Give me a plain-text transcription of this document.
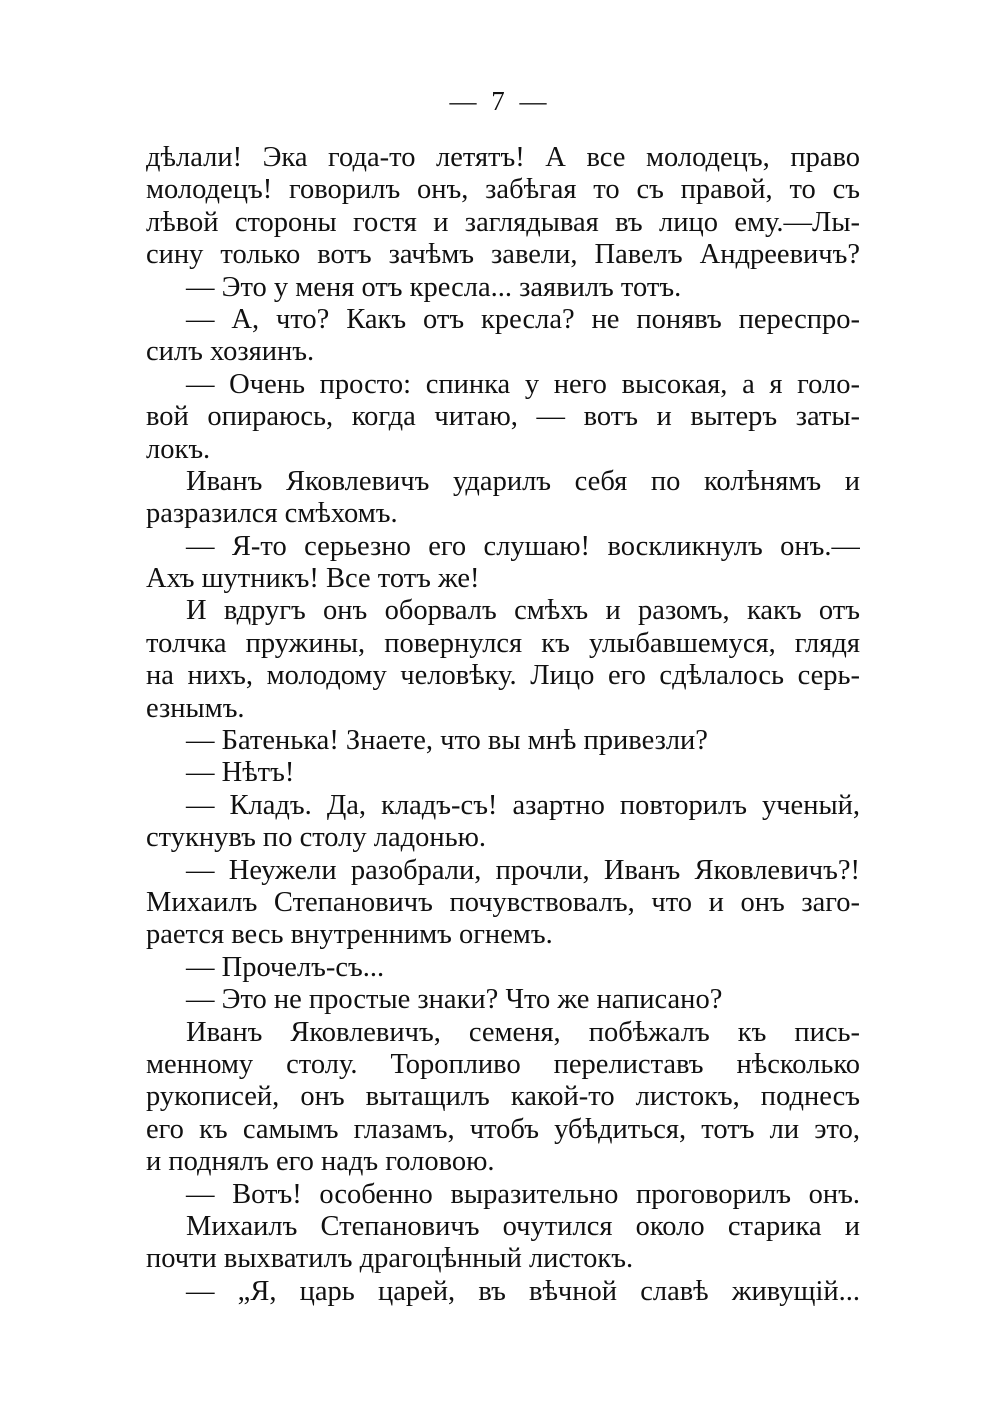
— 7 —
дѣлали! Эка года-то летятъ! А все молодецъ, право
молодецъ! говорилъ онъ, забѣгая то съ правой, то съ
лѣвой стороны гостя и заглядывая въ лицо ему.—Лы-
сину только вотъ зачѣмъ завели, Павелъ Андреевичъ?
— Это у меня отъ кресла... заявилъ тотъ.
— А, что? Какъ отъ кресла? не понявъ переспро-
силъ хозяинъ.
— Очень просто: спинка у него высокая, а я голо-
вой опираюсь, когда читаю, — вотъ и вытеръ заты-
локъ.
Иванъ Яковлевичъ ударилъ себя по колѣнямъ и
разразился смѣхомъ.
— Я-то серьезно его слушаю! воскликнулъ онъ.—
Ахъ шутникъ! Все тотъ же!
И вдругъ онъ оборвалъ смѣхъ и разомъ, какъ отъ
толчка пружины, повернулся къ улыбавшемуся, глядя
на нихъ, молодому человѣку. Лицо его сдѣлалось серь-
езнымъ.
— Батенька! Знаете, что вы мнѣ привезли?
— Нѣтъ!
— Кладъ. Да, кладъ-съ! азартно повторилъ ученый,
стукнувъ по столу ладонью.
— Неужели разобрали, прочли, Иванъ Яковлевичъ?!
Михаилъ Степановичъ почувствовалъ, что и онъ заго-
рается весь внутреннимъ огнемъ.
— Прочелъ-съ...
— Это не простые знаки? Что же написано?
Иванъ Яковлевичъ, семеня, побѣжалъ къ пись-
менному столу. Торопливо перелиставъ нѣсколько
рукописей, онъ вытащилъ какой-то листокъ, поднесъ
его къ самымъ глазамъ, чтобъ убѣдиться, тотъ ли это,
и поднялъ его надъ головою.
— Вотъ! особенно выразительно проговорилъ онъ.
Михаилъ Степановичъ очутился около старика и
почти выхватилъ драгоцѣнный листокъ.
— „Я, царь царей, въ вѣчной славѣ живущій...
